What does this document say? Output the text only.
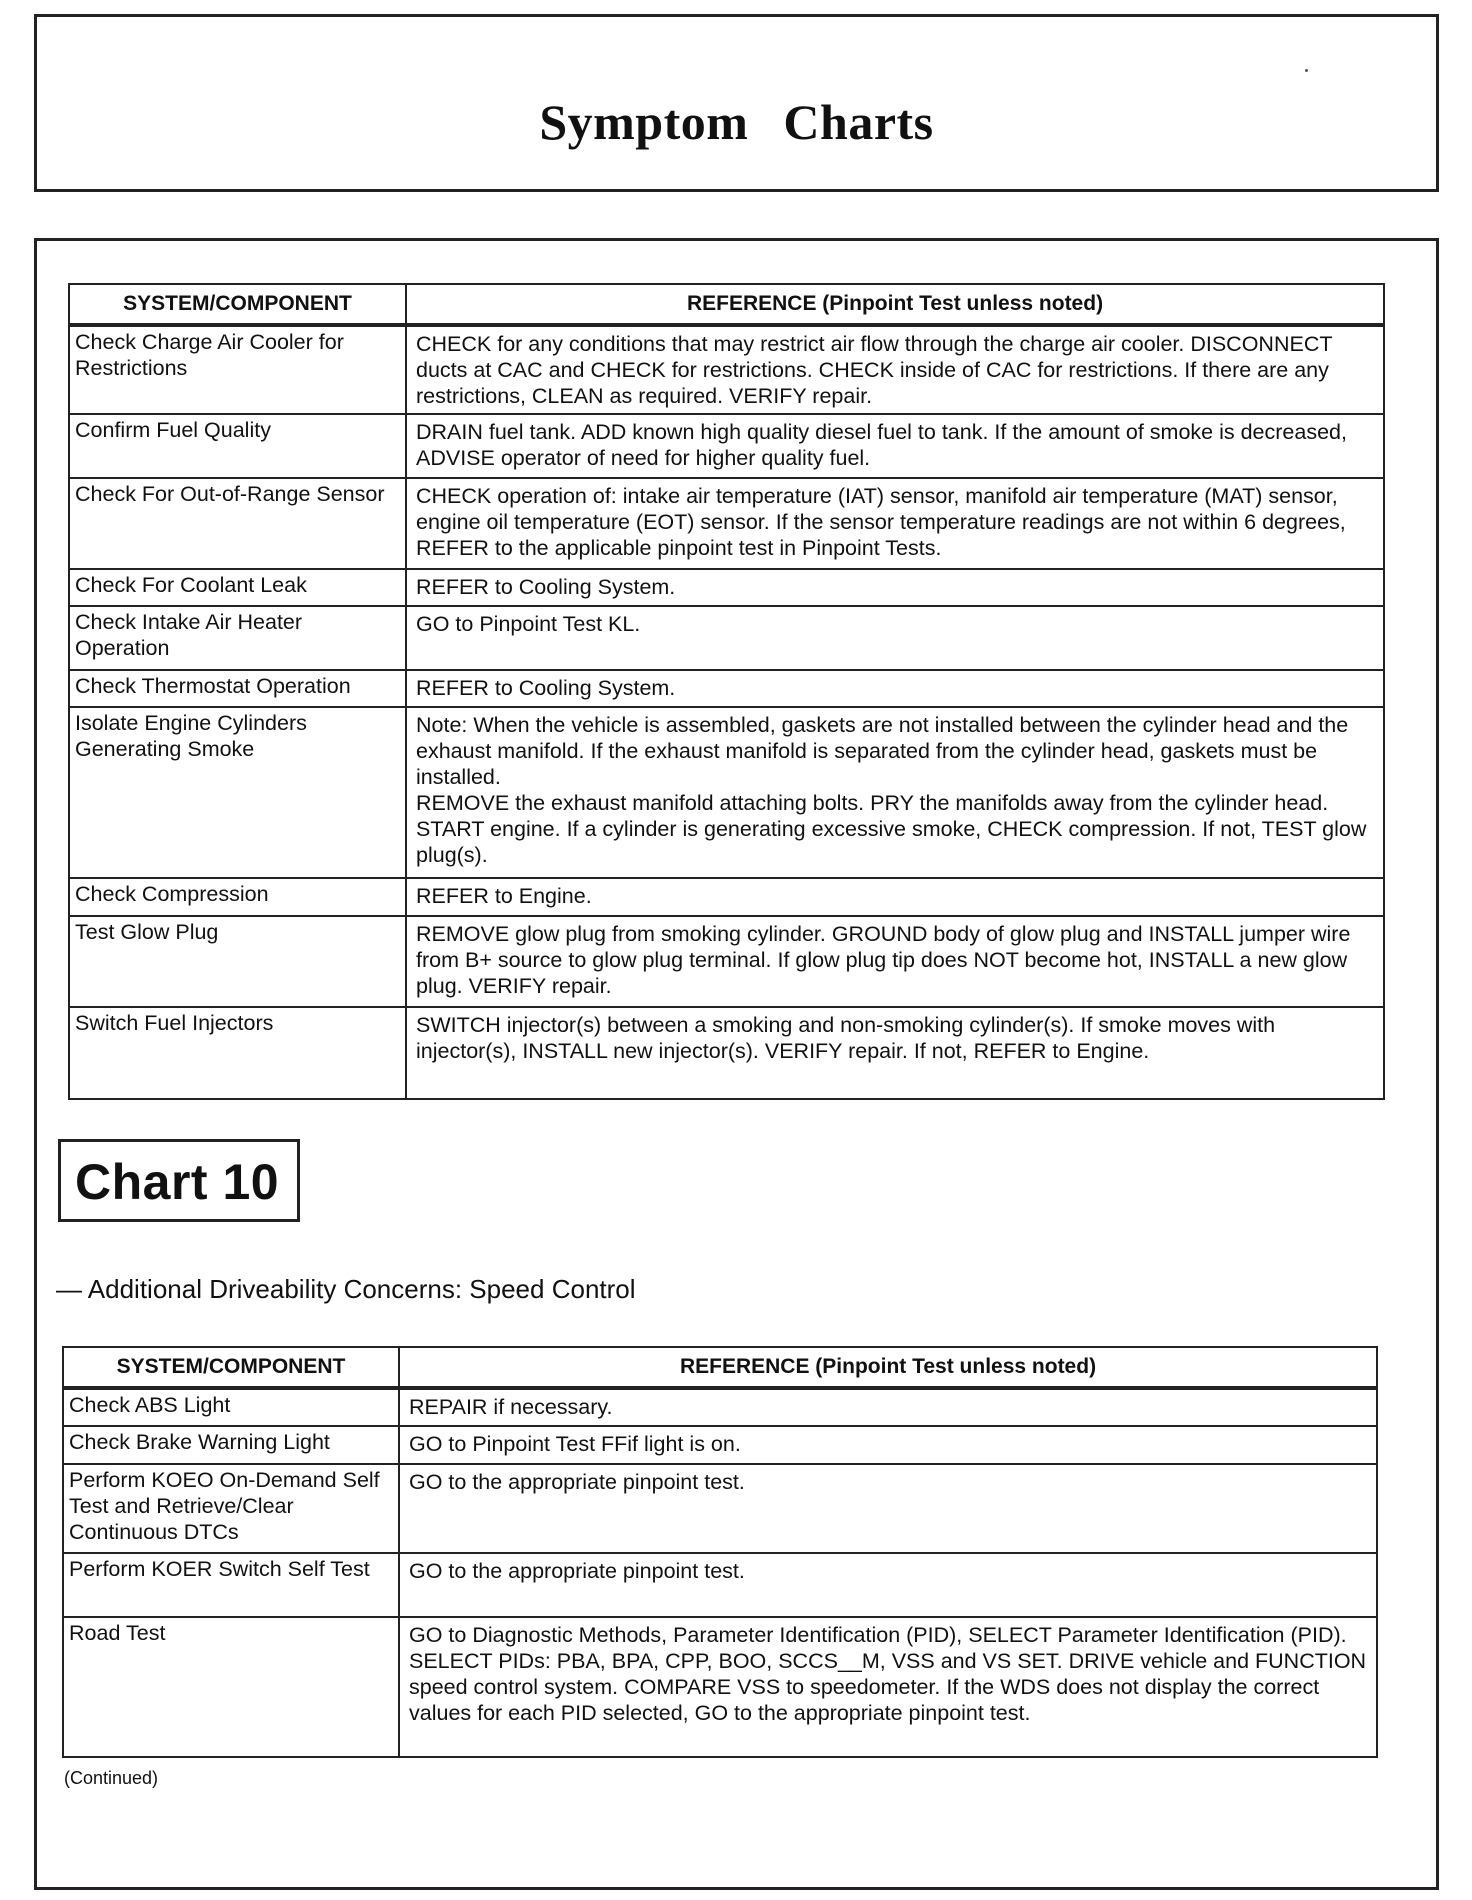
Symptom Charts
SYSTEM/COMPONENT	REFERENCE (Pinpoint Test unless noted)
Check Charge Air Cooler for Restrictions	CHECK for any conditions that may restrict air flow through the charge air cooler. DISCONNECT ducts at CAC and CHECK for restrictions. CHECK inside of CAC for restrictions. If there are any restrictions, CLEAN as required. VERIFY repair.
Confirm Fuel Quality	DRAIN fuel tank. ADD known high quality diesel fuel to tank. If the amount of smoke is decreased, ADVISE operator of need for higher quality fuel.
Check For Out-of-Range Sensor	CHECK operation of: intake air temperature (IAT) sensor, manifold air temperature (MAT) sensor, engine oil temperature (EOT) sensor. If the sensor temperature readings are not within 6 degrees, REFER to the applicable pinpoint test in Pinpoint Tests.
Check For Coolant Leak	REFER to Cooling System.
Check Intake Air Heater Operation	GO to Pinpoint Test KL.
Check Thermostat Operation	REFER to Cooling System.
Isolate Engine Cylinders Generating Smoke	Note: When the vehicle is assembled, gaskets are not installed between the cylinder head and the exhaust manifold. If the exhaust manifold is separated from the cylinder head, gaskets must be installed.
REMOVE the exhaust manifold attaching bolts. PRY the manifolds away from the cylinder head. START engine. If a cylinder is generating excessive smoke, CHECK compression. If not, TEST glow plug(s).

Check Compression	REFER to Engine.
Test Glow Plug	REMOVE glow plug from smoking cylinder. GROUND body of glow plug and INSTALL jumper wire from B+ source to glow plug terminal. If glow plug tip does NOT become hot, INSTALL a new glow plug. VERIFY repair.
Switch Fuel Injectors	SWITCH injector(s) between a smoking and non-smoking cylinder(s). If smoke moves with injector(s), INSTALL new injector(s). VERIFY repair. If not, REFER to Engine.
Chart 10
— Additional Driveability Concerns: Speed Control
SYSTEM/COMPONENT	REFERENCE (Pinpoint Test unless noted)
Check ABS Light	REPAIR if necessary.
Check Brake Warning Light	GO to Pinpoint Test FFif light is on.
Perform KOEO On-Demand Self Test and Retrieve/Clear Continuous DTCs	GO to the appropriate pinpoint test.
Perform KOER Switch Self Test	GO to the appropriate pinpoint test.
Road Test	GO to Diagnostic Methods, Parameter Identification (PID), SELECT Parameter Identification (PID). SELECT PIDs: PBA, BPA, CPP, BOO, SCCS__M, VSS and VS SET. DRIVE vehicle and FUNCTION speed control system. COMPARE VSS to speedometer. If the WDS does not display the correct values for each PID selected, GO to the appropriate pinpoint test.
(Continued)
